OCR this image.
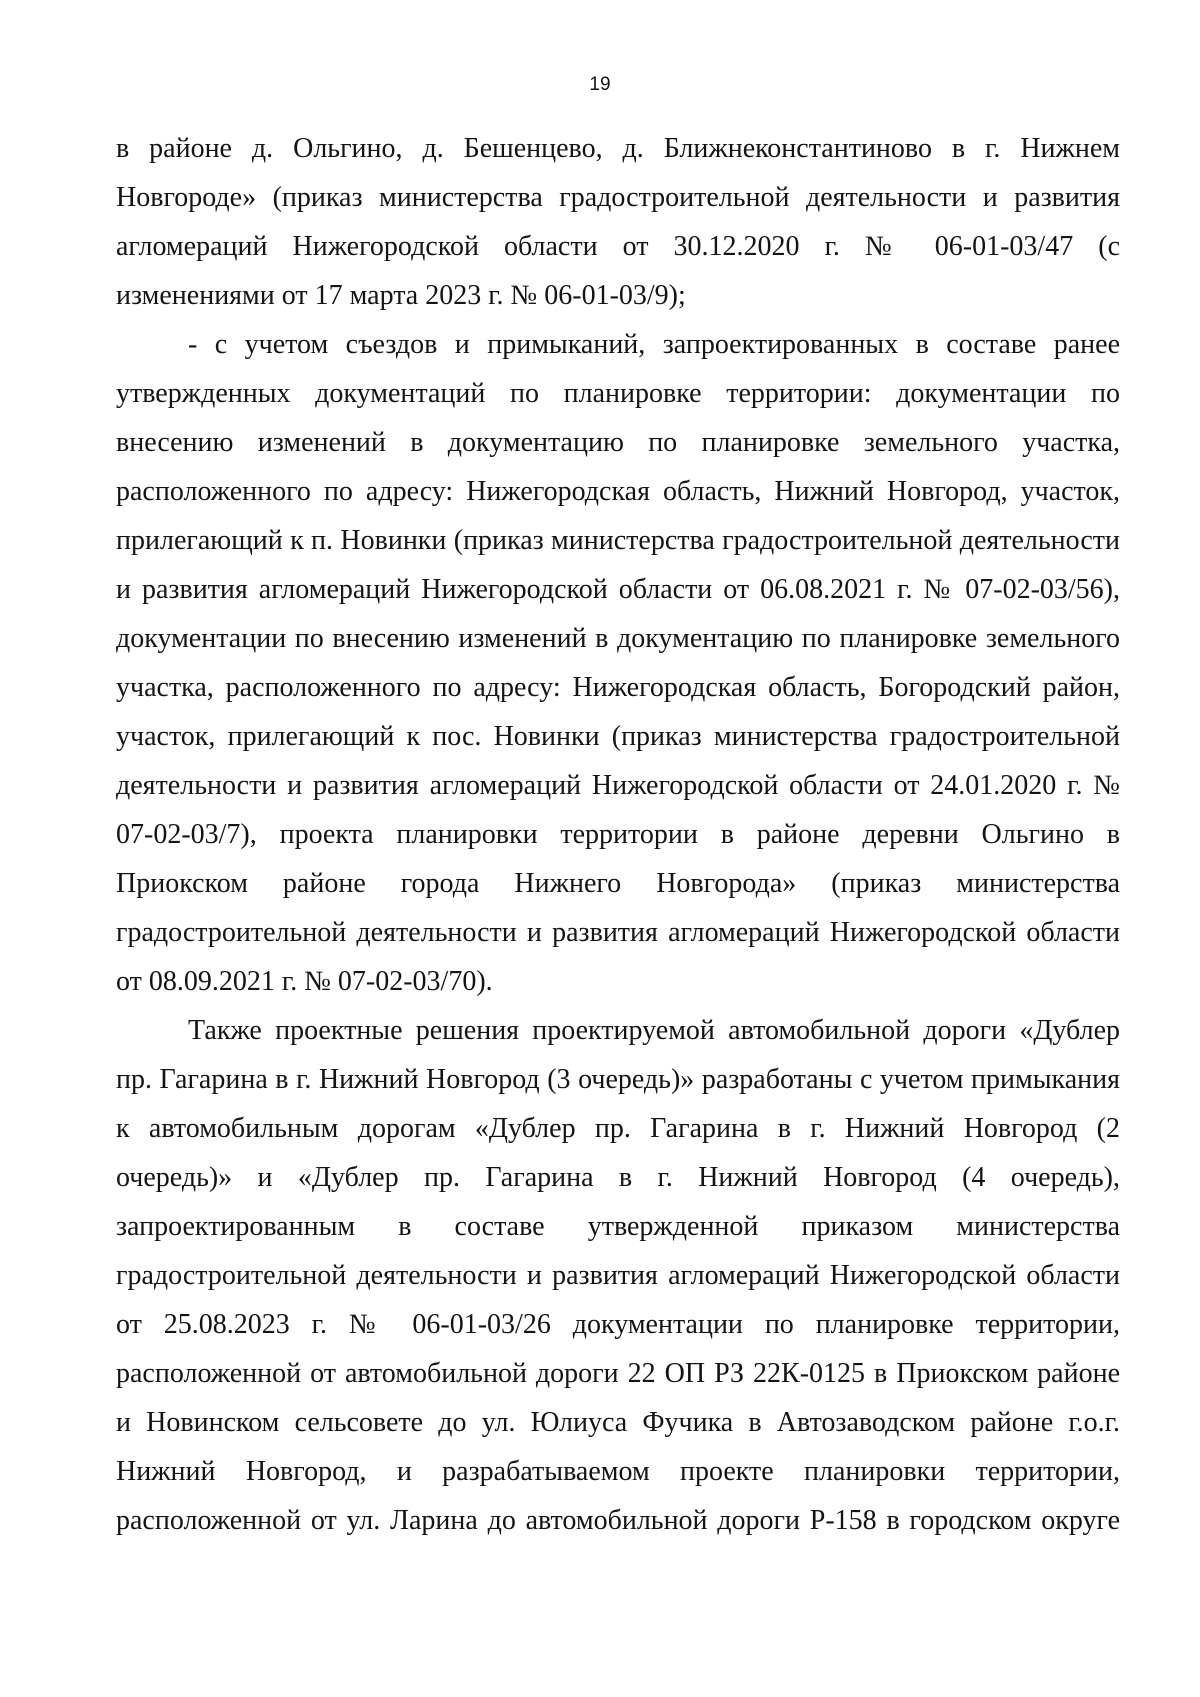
19
в районе д. Ольгино, д. Бешенцево, д. Ближнеконстантиново в г. Нижнем
Новгороде» (приказ министерства градостроительной деятельности и развития
агломераций Нижегородской области от 30.12.2020 г. № 06-01-03/47 (с
изменениями от 17 марта 2023 г. № 06-01-03/9);
- с учетом съездов и примыканий, запроектированных в составе ранее
утвержденных документаций по планировке территории: документации по
внесению изменений в документацию по планировке земельного участка,
расположенного по адресу: Нижегородская область, Нижний Новгород, участок,
прилегающий к п. Новинки (приказ министерства градостроительной деятельности
и развития агломераций Нижегородской области от 06.08.2021 г. № 07-02-03/56),
документации по внесению изменений в документацию по планировке земельного
участка, расположенного по адресу: Нижегородская область, Богородский район,
участок, прилегающий к пос. Новинки (приказ министерства градостроительной
деятельности и развития агломераций Нижегородской области от 24.01.2020 г. №
07-02-03/7), проекта планировки территории в районе деревни Ольгино в
Приокском районе города Нижнего Новгорода» (приказ министерства
градостроительной деятельности и развития агломераций Нижегородской области
от 08.09.2021 г. № 07-02-03/70).
Также проектные решения проектируемой автомобильной дороги «Дублер
пр. Гагарина в г. Нижний Новгород (3 очередь)» разработаны с учетом примыкания
к автомобильным дорогам «Дублер пр. Гагарина в г. Нижний Новгород (2
очередь)» и «Дублер пр. Гагарина в г. Нижний Новгород (4 очередь),
запроектированным в составе утвержденной приказом министерства
градостроительной деятельности и развития агломераций Нижегородской области
от 25.08.2023 г. № 06-01-03/26 документации по планировке территории,
расположенной от автомобильной дороги 22 ОП РЗ 22К-0125 в Приокском районе
и Новинском сельсовете до ул. Юлиуса Фучика в Автозаводском районе г.о.г.
Нижний Новгород, и разрабатываемом проекте планировки территории,
расположенной от ул. Ларина до автомобильной дороги Р-158 в городском округе
